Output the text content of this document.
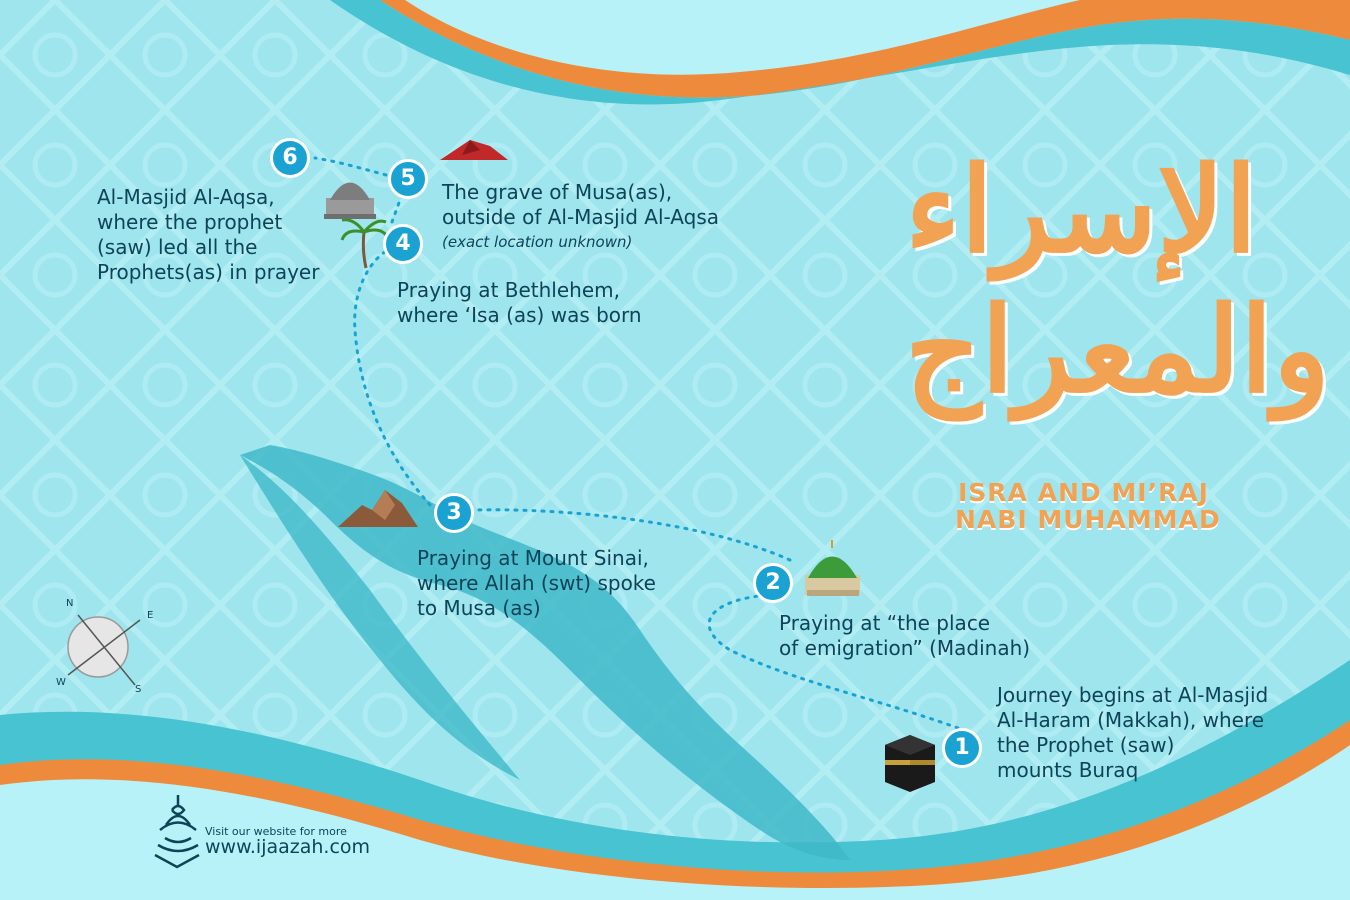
الإسراء والمعراج
ISRA AND MI’RAJ
NABI MUHAMMAD
1
Journey begins at Al-Masjid
Al-Haram (Makkah), where
the Prophet (saw)
mounts Buraq
2
Praying at “the place
of emigration” (Madinah)
3
Praying at Mount Sinai,
where Allah (swt) spoke
to Musa (as)
4
Praying at Bethlehem,
where ‘Isa (as) was born
5
The grave of Musa(as),
outside of Al-Masjid Al-Aqsa
(exact location unknown)
6
Al-Masjid Al-Aqsa,
where the prophet
(saw) led all the
Prophets(as) in prayer
N
E
S
W
Visit our website for more
www.ijaazah.com
